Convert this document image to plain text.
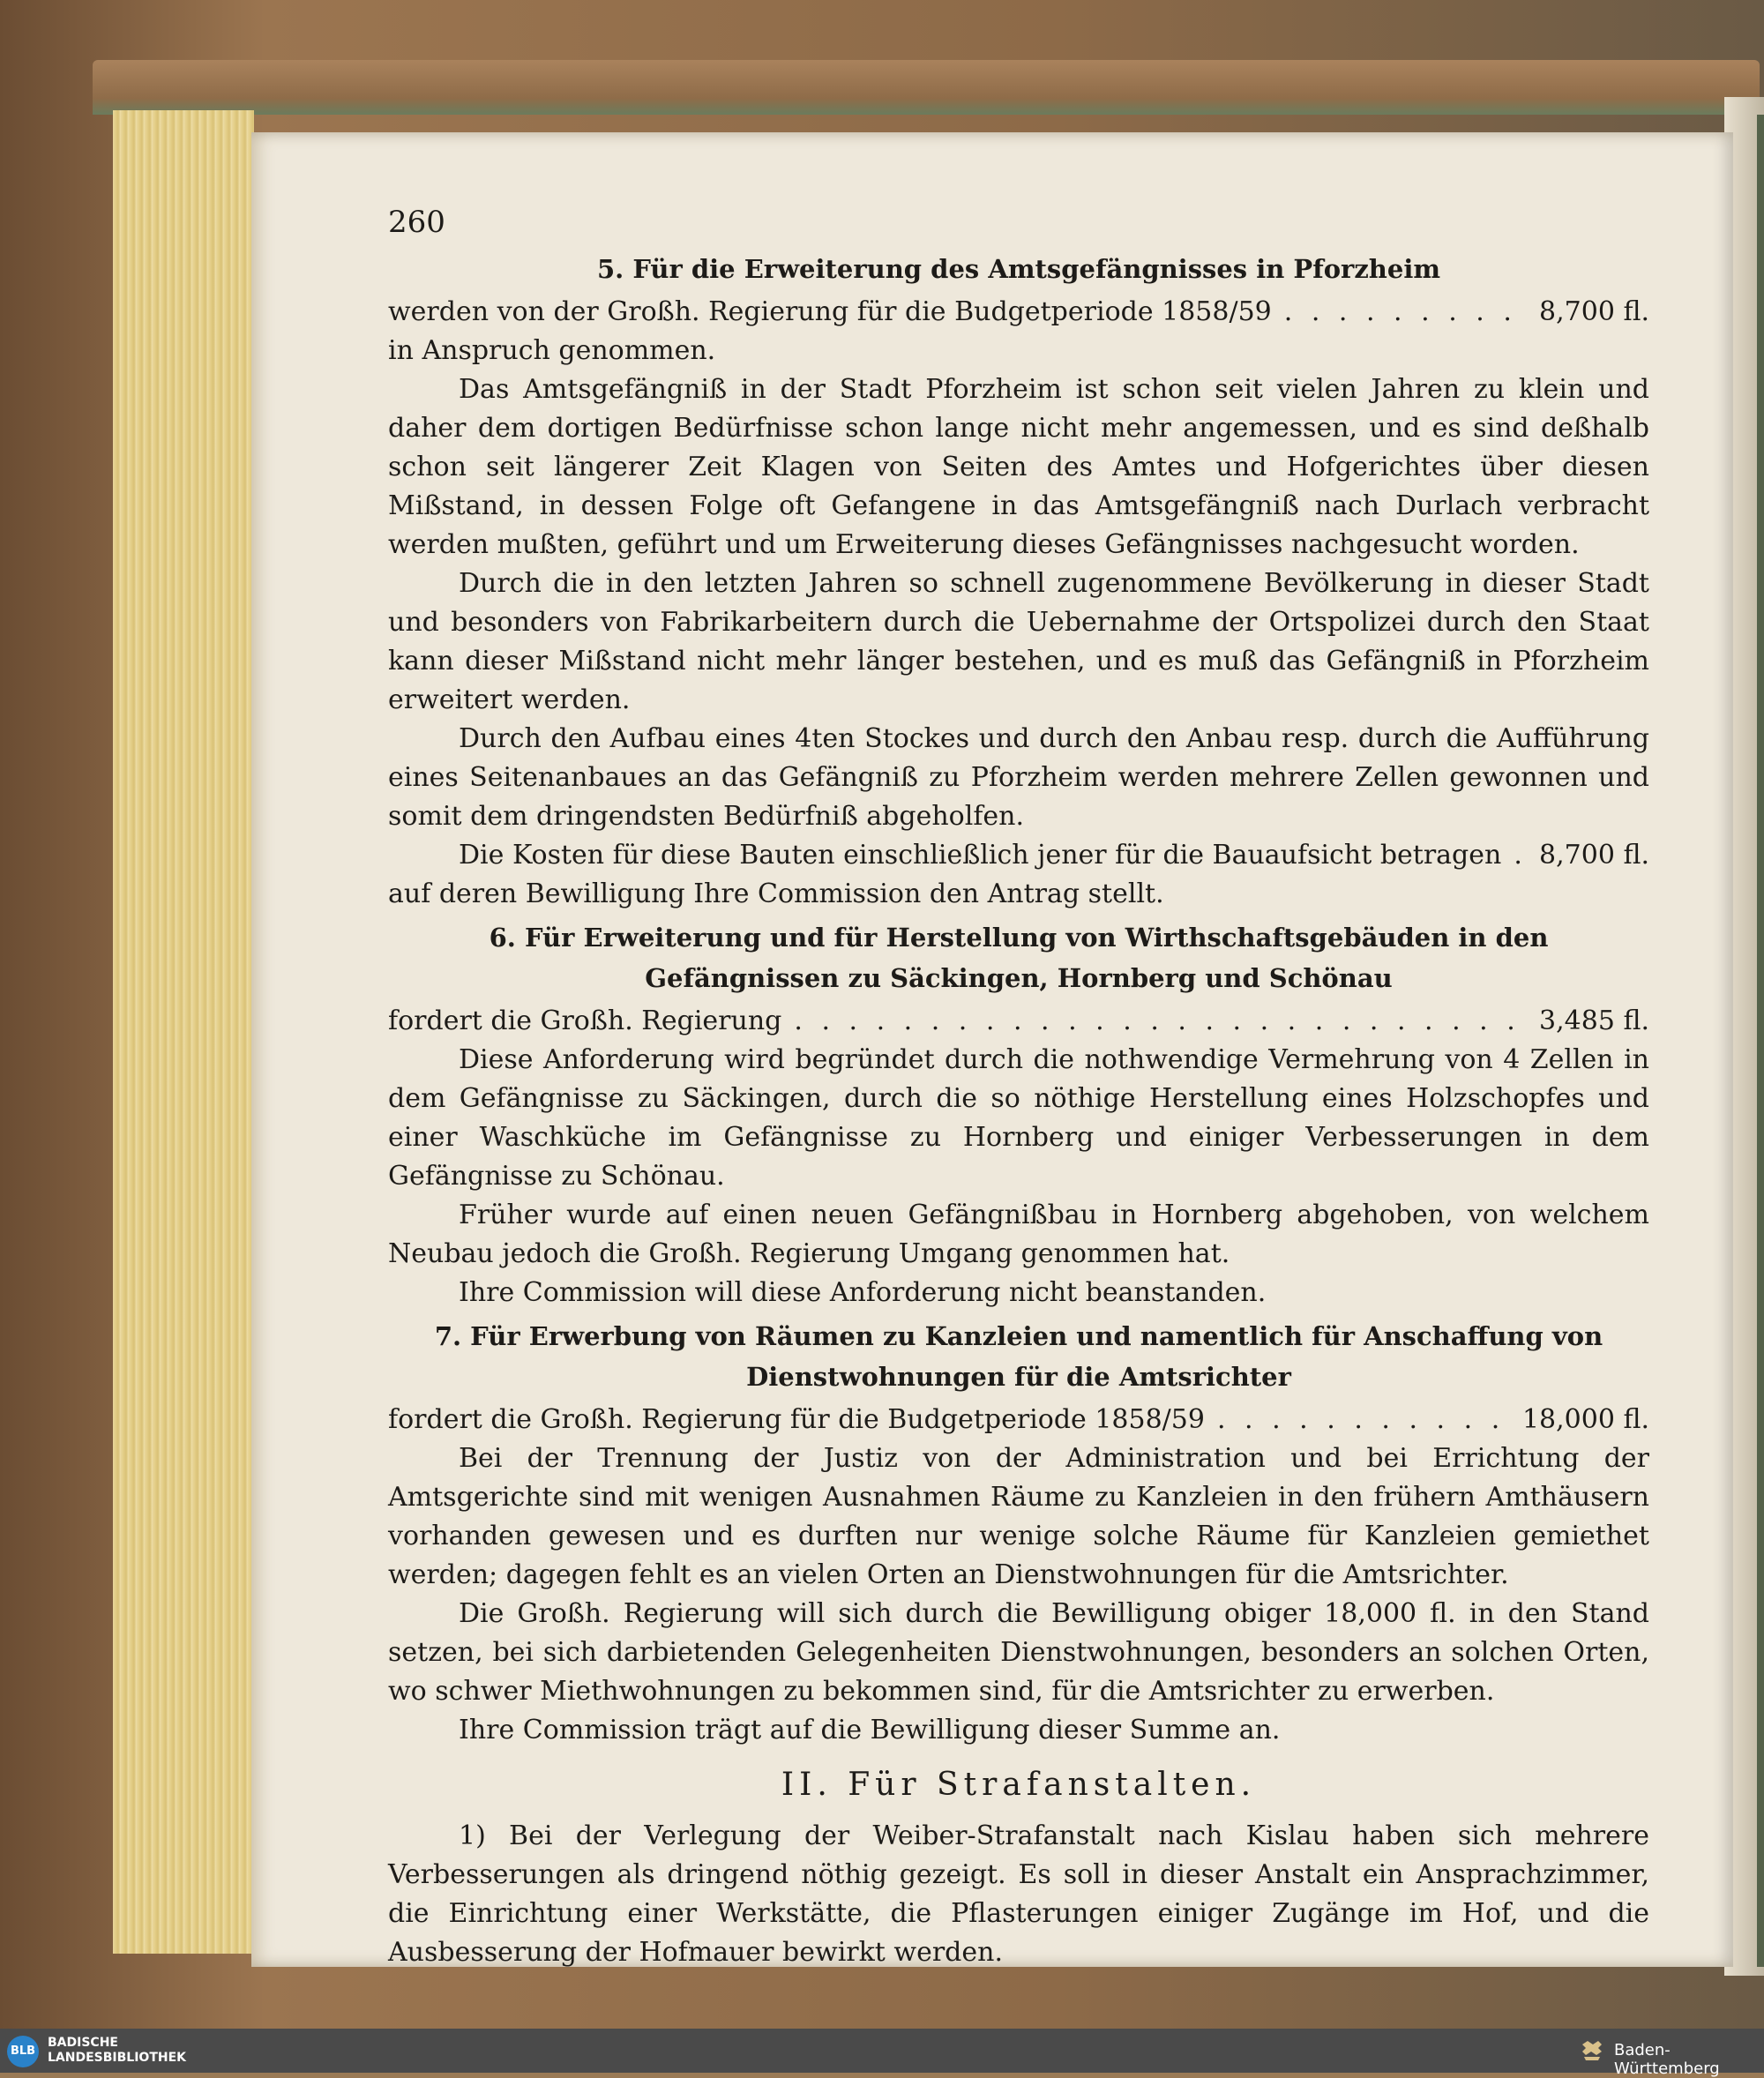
260
5. Für die Erweiterung des Amtsgefängnisses in Pforzheim
werden von der Großh. Regierung für die Budgetperiode 1858/59 . . .	8,700 fl.

in Anspruch genommen.

Das Amtsgefängniß in der Stadt Pforzheim ist schon seit vielen Jahren zu klein und daher dem dortigen Bedürfnisse schon lange nicht mehr angemessen, und es sind deßhalb schon seit längerer Zeit Klagen von Seiten des Amtes und Hofgerichtes über diesen Mißstand, in dessen Folge oft Gefangene in das Amtsgefängniß nach Durlach verbracht werden mußten, geführt und um Erweiterung dieses Gefängnisses nachgesucht worden.

Durch die in den letzten Jahren so schnell zugenommene Bevölkerung in dieser Stadt und besonders von Fabrikarbeitern durch die Uebernahme der Ortspolizei durch den Staat kann dieser Mißstand nicht mehr länger bestehen, und es muß das Gefängniß in Pforzheim erweitert werden.

Durch den Aufbau eines 4ten Stockes und durch den Anbau resp. durch die Aufführung eines Seitenanbaues an das Gefängniß zu Pforzheim werden mehrere Zellen gewonnen und somit dem dringendsten Bedürfniß abgeholfen.

Die Kosten für diese Bauten einschließlich jener für die Bauaufsicht betragen . . . 8,700 fl.

auf deren Bewilligung Ihre Commission den Antrag stellt.

6. Für Erweiterung und für Herstellung von Wirthschaftsgebäuden in den Gefängnissen zu Säckingen, Hornberg und Schönau
fordert die Großh. Regierung . . .	3,485 fl.

Diese Anforderung wird begründet durch die nothwendige Vermehrung von 4 Zellen in dem Gefängnisse zu Säckingen, durch die so nöthige Herstellung eines Holzschopfes und einer Waschküche im Gefängnisse zu Hornberg und einiger Verbesserungen in dem Gefängnisse zu Schönau.

Früher wurde auf einen neuen Gefängnißbau in Hornberg abgehoben, von welchem Neubau jedoch die Großh. Regierung Umgang genommen hat.

Ihre Commission will diese Anforderung nicht beanstanden.

7. Für Erwerbung von Räumen zu Kanzleien und namentlich für Anschaffung von Dienstwohnungen für die Amtsrichter
fordert die Großh. Regierung für die Budgetperiode 1858/59 . . .	18,000 fl.

Bei der Trennung der Justiz von der Administration und bei Errichtung der Amtsgerichte sind mit wenigen Ausnahmen Räume zu Kanzleien in den frühern Amthäusern vorhanden gewesen und es durften nur wenige solche Räume für Kanzleien gemiethet werden; dagegen fehlt es an vielen Orten an Dienstwohnungen für die Amtsrichter.

Die Großh. Regierung will sich durch die Bewilligung obiger 18,000 fl. in den Stand setzen, bei sich darbietenden Gelegenheiten Dienstwohnungen, besonders an solchen Orten, wo schwer Miethwohnungen zu bekommen sind, für die Amtsrichter zu erwerben.

Ihre Commission trägt auf die Bewilligung dieser Summe an.

II. Für Strafanstalten.

1) Bei der Verlegung der Weiber-Strafanstalt nach Kislau haben sich mehrere Verbesserungen als dringend nöthig gezeigt. Es soll in dieser Anstalt ein Ansprachzimmer, die Einrichtung einer Werkstätte, die Pflasterungen einiger Zugänge im Hof, und die Ausbesserung der Hofmauer bewirkt werden.

BLB
BADISCHE
LANDESBIBLIOTHEK	Baden-Württemberg
